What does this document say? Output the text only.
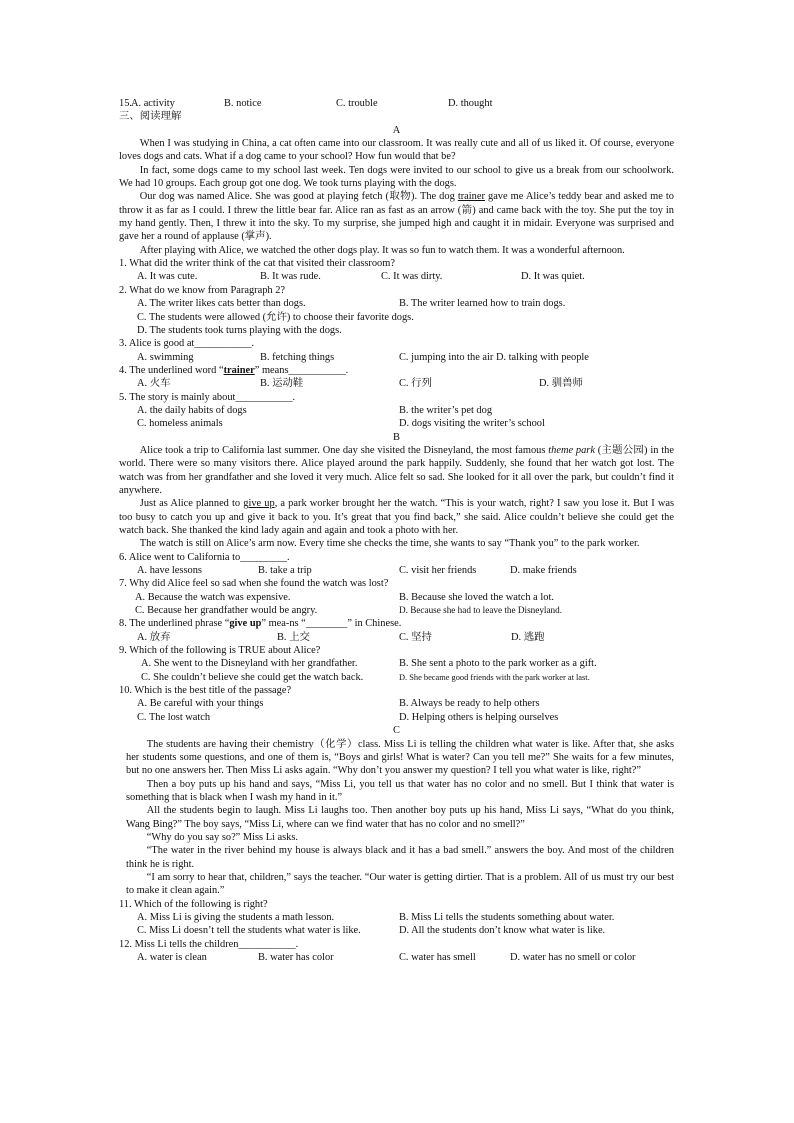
15. A. activity	B. notice	C. trouble	D. thought
三、阅读理解
A

When I was studying in China, a cat often came into our classroom. It was really cute and all of us liked it. Of course, everyone loves dogs and cats. What if a dog came to your school? How fun would that be?

In fact, some dogs came to my school last week. Ten dogs were invited to our school to give us a break from our schoolwork. We had 10 groups. Each group got one dog. We took turns playing with the dogs.

Our dog was named Alice. She was good at playing fetch (取物). The dog trainer gave me Alice’s teddy bear and asked me to throw it as far as I could. I threw the little bear far. Alice ran as fast as an arrow (箭) and came back with the toy. She put the toy in my hand gently. Then, I threw it into the sky. To my surprise, she jumped high and caught it in midair. Everyone was surprised and gave her a round of applause (掌声).

After playing with Alice, we watched the other dogs play. It was so fun to watch them. It was a wonderful afternoon.

1. What did the writer think of the cat that visited their classroom?
A. It was cute.	B. It was rude.	C. It was dirty.	D. It was quiet.
2. What do we know from Paragraph 2?
A. The writer likes cats better than dogs.	B. The writer learned how to train dogs.
C. The students were allowed (允许) to choose their favorite dogs.
D. The students took turns playing with the dogs.
3. Alice is good at___________.
A. swimming	B. fetching things	C. jumping into the air D. talking with people
4. The underlined word “trainer” means___________.
A. 火车	B. 运动鞋	C. 行列	D. 驯兽师
5. The story is mainly about___________.
A. the daily habits of dogs	B. the writer’s pet dog
C. homeless animals	D. dogs visiting the writer’s school
B

Alice took a trip to California last summer. One day she visited the Disneyland, the most famous theme park (主题公园) in the world. There were so many visitors there. Alice played around the park happily. Suddenly, she found that her watch got lost. The watch was from her grandfather and she loved it very much. Alice felt so sad. She looked for it all over the park, but couldn’t find it anywhere.

Just as Alice planned to give up, a park worker brought her the watch. “This is your watch, right? I saw you lose it. But I was too busy to catch you up and give it back to you. It’s great that you find back,” she said. Alice couldn’t believe she could get the watch back. She thanked the kind lady again and again and took a photo with her.

The watch is still on Alice’s arm now. Every time she checks the time, she wants to say “Thank you” to the park worker.

6. Alice went to California to_________.
A. have lessons	B. take a trip	C. visit her friends	D. make friends
7. Why did Alice feel so sad when she found the watch was lost?
A. Because the watch was expensive.	B. Because she loved the watch a lot.
C. Because her grandfather would be angry.	D. Because she had to leave the Disneyland.
8. The underlined phrase “give up” mea-ns “________” in Chinese.
A. 放弃	B. 上交	C. 坚持	D. 逃跑
9. Which of the following is TRUE about Alice?
A. She went to the Disneyland with her grandfather.	B. She sent a photo to the park worker as a gift.
C. She couldn’t believe she could get the watch back.	D. She became good friends with the park worker at last.
10. Which is the best title of the passage?
A. Be careful with your things	B. Always be ready to help others
C. The lost watch	D. Helping others is helping ourselves
C

The students are having their chemistry（化学）class. Miss Li is telling the children what water is like. After that, she asks her students some questions, and one of them is, “Boys and girls! What is water? Can you tell me?” She waits for a few minutes, but no one answers her. Then Miss Li asks again. “Why don’t you answer my question? I tell you what water is like, right?”

Then a boy puts up his hand and says, “Miss Li, you tell us that water has no color and no smell. But I think that water is something that is black when I wash my hand in it.”

All the students begin to laugh. Miss Li laughs too. Then another boy puts up his hand, Miss Li says, “What do you think, Wang Bing?” The boy says, “Miss Li, where can we find water that has no color and no smell?”

“Why do you say so?” Miss Li asks.

“The water in the river behind my house is always black and it has a bad smell.” answers the boy. And most of the children think he is right.

“I am sorry to hear that, children,” says the teacher. “Our water is getting dirtier. That is a problem. All of us must try our best to make it clean again.”

11. Which of the following is right?
A. Miss Li is giving the students a math lesson.	B. Miss Li tells the students something about water.
C. Miss Li doesn’t tell the students what water is like.	D. All the students don’t know what water is like.
12. Miss Li tells the children___________.
A. water is clean	B. water has color	C. water has smell	D. water has no smell or color
